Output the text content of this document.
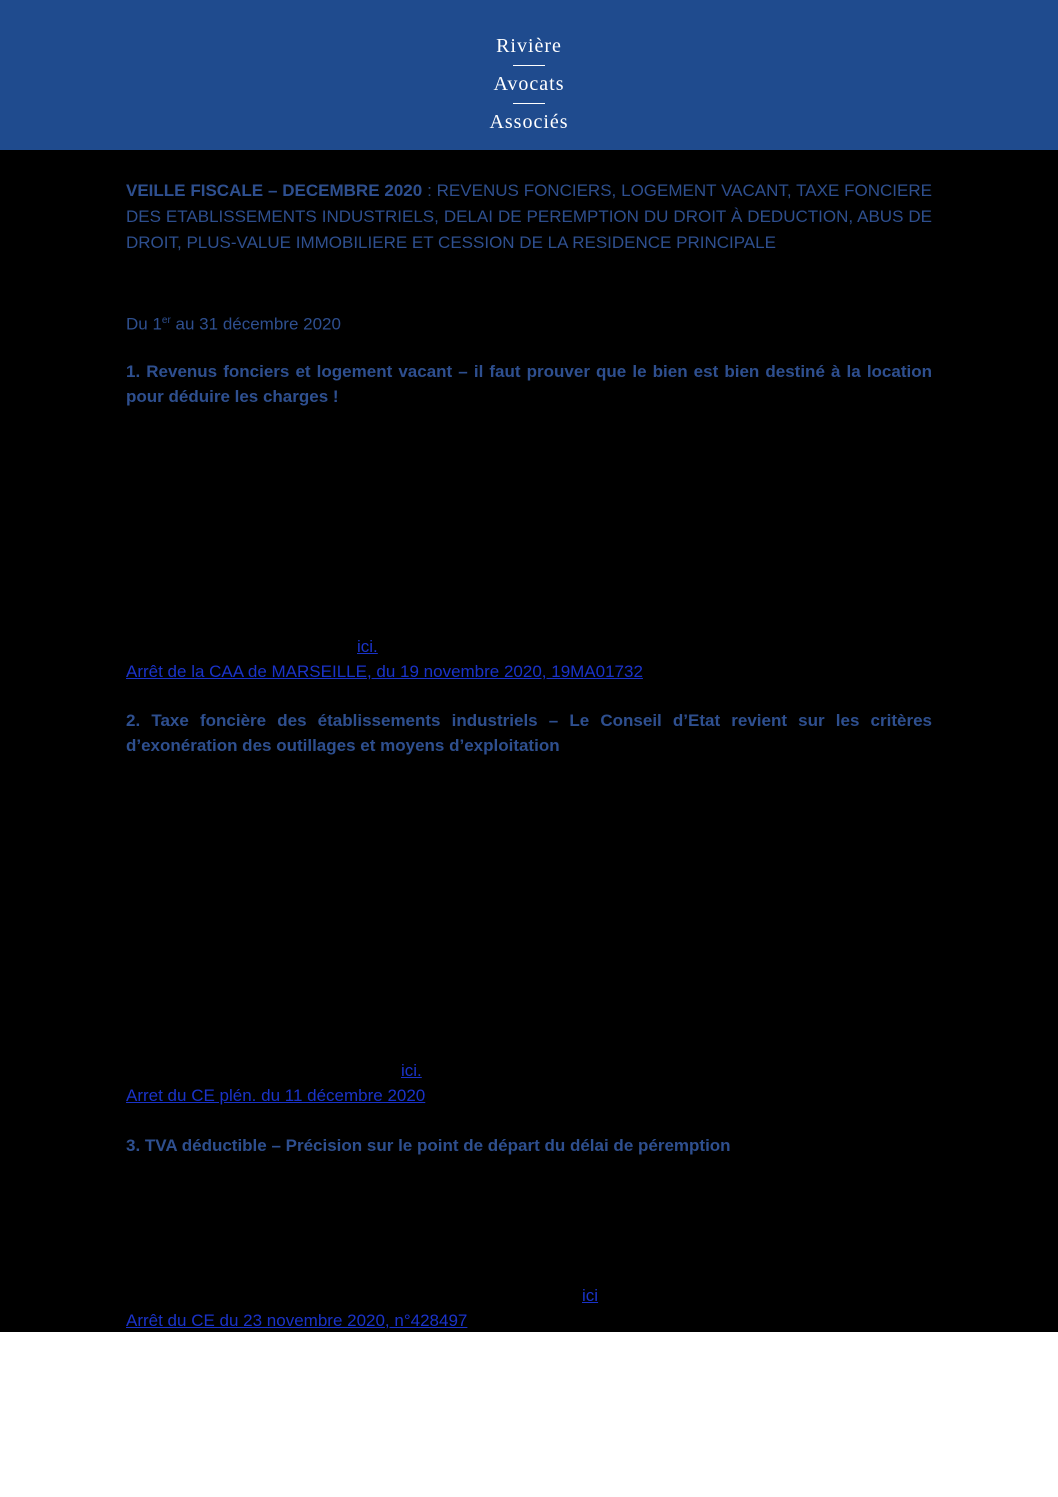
Rivière
Avocats
Associés
VEILLE FISCALE – DECEMBRE 2020 : REVENUS FONCIERS, LOGEMENT VACANT, TAXE FONCIERE DES ETABLISSEMENTS INDUSTRIELS, DELAI DE PEREMPTION DU DROIT À DEDUCTION, ABUS DE DROIT, PLUS-VALUE IMMOBILIERE ET CESSION DE LA RESIDENCE PRINCIPALE
Du 1er au 31 décembre 2020
1. Revenus fonciers et logement vacant – il faut prouver que le bien est bien destiné à la location pour déduire les charges !
ici.
Arrêt de la CAA de MARSEILLE, du 19 novembre 2020, 19MA01732
2. Taxe foncière des établissements industriels – Le Conseil d’Etat revient sur les critères d’exonération des outillages et moyens d’exploitation
ici.
Arret du CE plén. du 11 décembre 2020
3. TVA déductible – Précision sur le point de départ du délai de péremption
ici
Arrêt du CE du 23 novembre 2020, n°428497
